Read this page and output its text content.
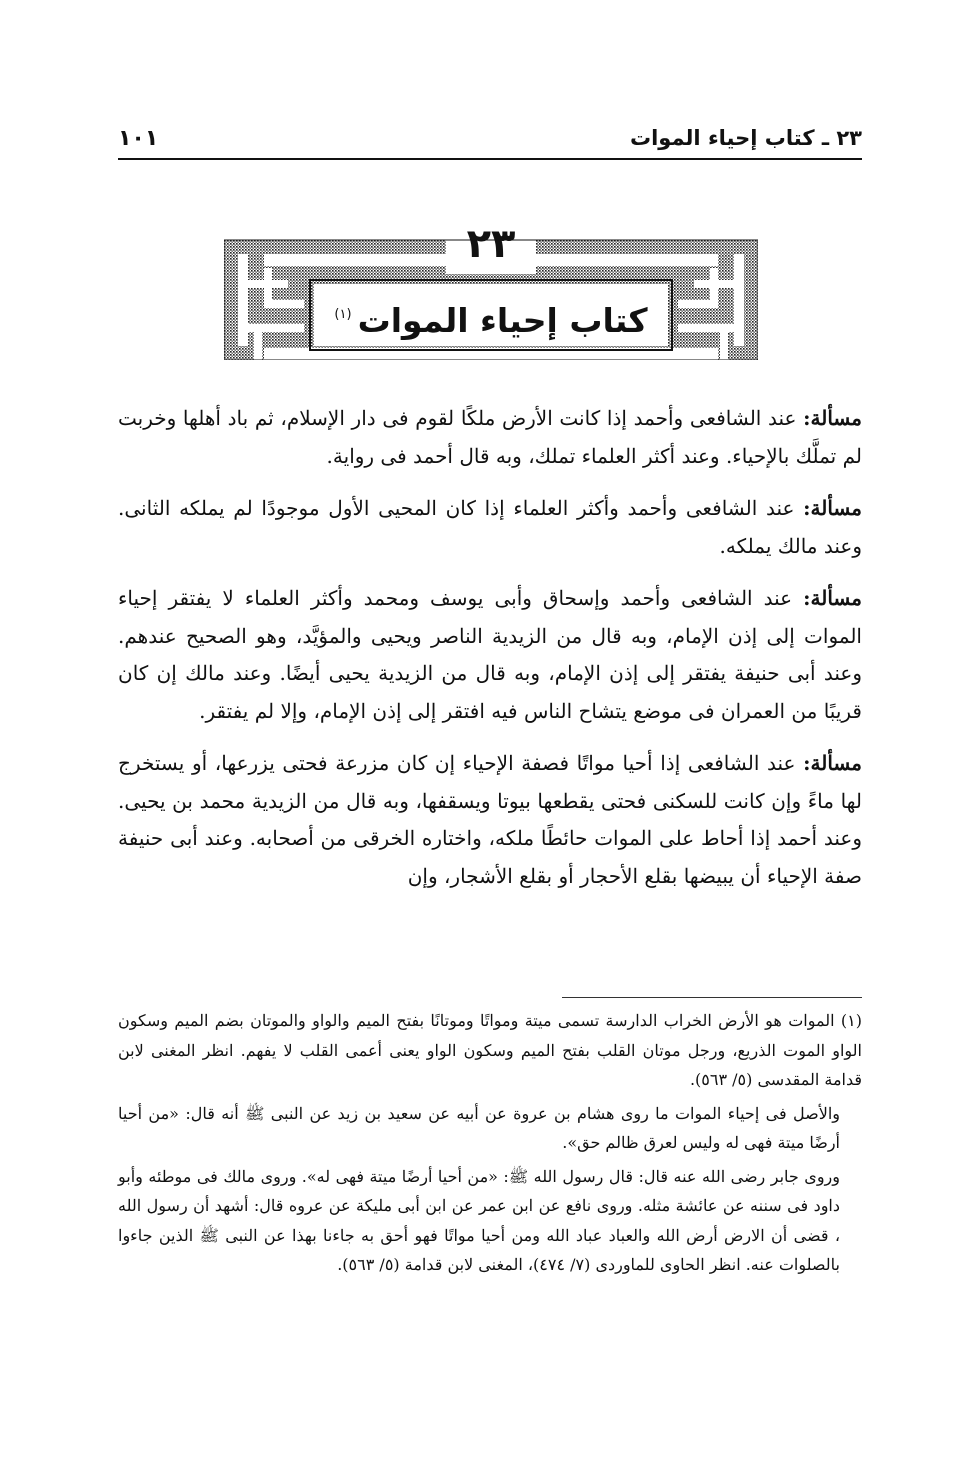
٢٣ ـ كتاب إحياء الموات
١٠١
٢٣
كتاب إحياء الموات$^{(١)}$

مسألة: عند الشافعى وأحمد إذا كانت الأرض ملكًا لقوم فى دار الإسلام، ثم باد أهلها وخربت لم تملَّك بالإحياء. وعند أكثر العلماء تملك، وبه قال أحمد فى رواية.

مسألة: عند الشافعى وأحمد وأكثر العلماء إذا كان المحيى الأول موجودًا لم يملكه الثانى. وعند مالك يملكه.

مسألة: عند الشافعى وأحمد وإسحاق وأبى يوسف ومحمد وأكثر العلماء لا يفتقر إحياء الموات إلى إذن الإمام، وبه قال من الزيدية الناصر ويحيى والمؤيَّد، وهو الصحيح عندهم. وعند أبى حنيفة يفتقر إلى إذن الإمام، وبه قال من الزيدية يحيى أيضًا. وعند مالك إن كان قريبًا من العمران فى موضع يتشاح الناس فيه افتقر إلى إذن الإمام، وإلا لم يفتقر.

مسألة: عند الشافعى إذا أحيا مواتًا فصفة الإحياء إن كان مزرعة فحتى يزرعها، أو يستخرج لها ماءً وإن كانت للسكنى فحتى يقطعها بيوتا ويسقفها، وبه قال من الزيدية محمد بن يحيى. وعند أحمد إذا أحاط على الموات حائطًا ملكه، واختاره الخرقى من أصحابه. وعند أبى حنيفة صفة الإحياء أن يبيضها بقلع الأحجار أو بقلع الأشجار، وإن

(١) الموات هو الأرض الخراب الدارسة تسمى ميتة ومواتًا وموتانًا بفتح الميم والواو والموتان بضم الميم وسكون الواو الموت الذريع، ورجل موتان القلب بفتح الميم وسكون الواو يعنى أعمى القلب لا يفهم. انظر المغنى لابن قدامة المقدسى (٥/ ٥٦٣).

والأصل فى إحياء الموات ما روى هشام بن عروة عن أبيه عن سعيد بن زيد عن النبى ﷺ أنه قال: «من أحيا أرضًا ميتة فهى له وليس لعرق ظالم حق».

وروى جابر رضى الله عنه قال: قال رسول الله ﷺ: «من أحيا أرضًا ميتة فهى له». وروى مالك فى موطئه وأبو داود فى سننه عن عائشة مثله. وروى نافع عن ابن عمر عن ابن أبى مليكة عن عروه قال: أشهد أن رسول الله ، قضى أن الارض أرض الله والعباد عباد الله ومن أحيا مواتًا فهو أحق به جاءنا بهذا عن النبى ﷺ الذين جاءوا بالصلوات عنه. انظر الحاوى للماوردى (٧/ ٤٧٤)، المغنى لابن قدامة (٥/ ٥٦٣).
